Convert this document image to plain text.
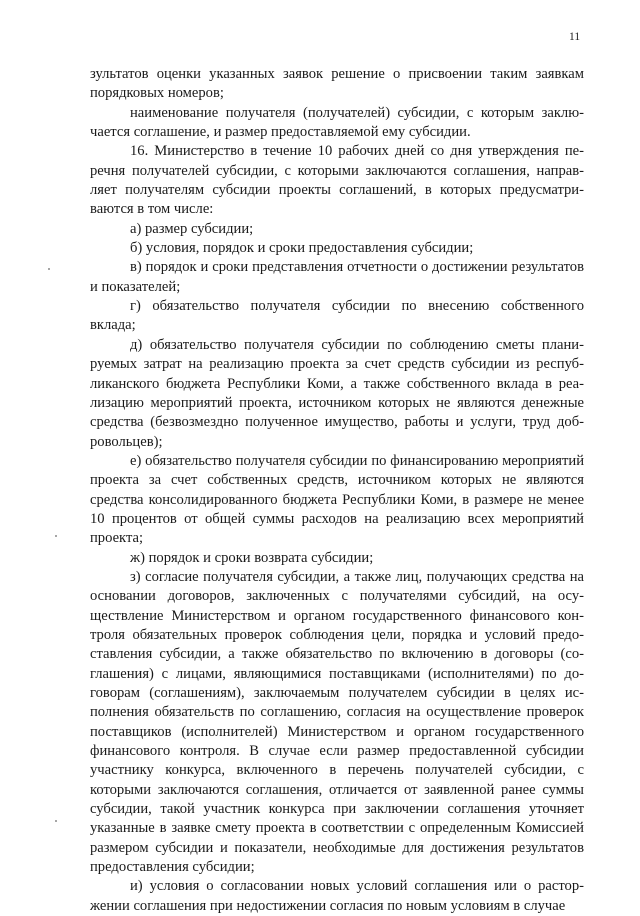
11

зультатов оценки указанных заявок решение о присвоении таким заявкам порядковых номеров;

наименование получателя (получателей) субсидии, с которым заключается соглашение, и размер предоставляемой ему субсидии.

16. Министерство в течение 10 рабочих дней со дня утверждения перечня получателей субсидии, с которыми заключаются соглашения, направляет получателям субсидии проекты соглашений, в которых предусматриваются в том числе:

а) размер субсидии;

б) условия, порядок и сроки предоставления субсидии;

в) порядок и сроки представления отчетности о достижении результатов и показателей;

г) обязательство получателя субсидии по внесению собственного вклада;

д) обязательство получателя субсидии по соблюдению сметы планируемых затрат на реализацию проекта за счет средств субсидии из республиканского бюджета Республики Коми, а также собственного вклада в реализацию мероприятий проекта, источником которых не являются денежные средства (безвозмездно полученное имущество, работы и услуги, труд добровольцев);

е) обязательство получателя субсидии по финансированию мероприятий проекта за счет собственных средств, источником которых не являются средства консолидированного бюджета Республики Коми, в размере не менее 10 процентов от общей суммы расходов на реализацию всех мероприятий проекта;

ж) порядок и сроки возврата субсидии;

з) согласие получателя субсидии, а также лиц, получающих средства на основании договоров, заключенных с получателями субсидий, на осуществление Министерством и органом государственного финансового контроля обязательных проверок соблюдения цели, порядка и условий предоставления субсидии, а также обязательство по включению в договоры (соглашения) с лицами, являющимися поставщиками (исполнителями) по договорам (соглашениям), заключаемым получателем субсидии в целях исполнения обязательств по соглашению, согласия на осуществление проверок поставщиков (исполнителей) Министерством и органом государственного финансового контроля. В случае если размер предоставленной субсидии участнику конкурса, включенного в перечень получателей субсидии, с которыми заключаются соглашения, отличается от заявленной ранее суммы субсидии, такой участник конкурса при заключении соглашения уточняет указанные в заявке смету проекта в соответствии с определенным Комиссией размером субсидии и показатели, необходимые для достижения результатов предоставления субсидии;

и) условия о согласовании новых условий соглашения или о расторжении соглашения при недостижении согласия по новым условиям в случае
